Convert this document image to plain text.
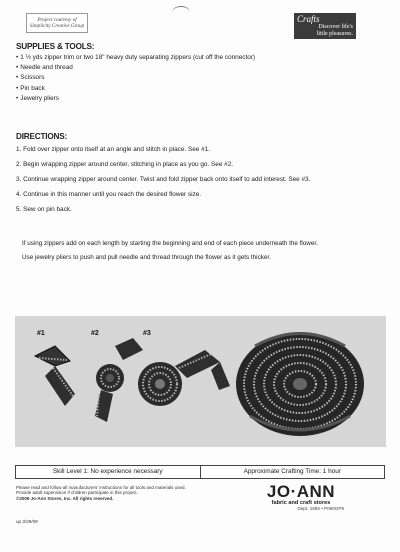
Project courtesy of
Simplicity Creative Group
Crafts
Discover life's
little pleasures.
SUPPLIES & TOOLS:
• 1 ½ yds zipper trim or two 18" heavy duty separating zippers (cut off the connector)
• Needle and thread
• Scissors
• Pin back
• Jewelry pliers
DIRECTIONS:
1. Fold over zipper onto itself at an angle and stitch in place. See #1.
2. Begin wrapping zipper around center, stitching in place as you go. See #2.
3. Continue wrapping zipper around center. Twist and fold zipper back onto itself to add interest. See #3.
4. Continue in this manner until you reach the desired flower size.
5. Sew on pin back.

If using zippers add on each length by starting the beginning and end of each piece underneath the flower.

Use jewelry pliers to push and pull needle and thread through the flower as it gets thicker.

#1	#2	#3
Skill Level 1: No experience necessary	Approximate Crafting Time: 1 hour
Please read and follow all manufacturers' instructions for all tools and materials used.
Provide adult supervision if children participate in this project.
©2009 Jo-Ann Stores, Inc. All rights reserved.
up 3/29/09
JO·ANN
fabric and craft stores
Dept. 1955 • P090GP9
